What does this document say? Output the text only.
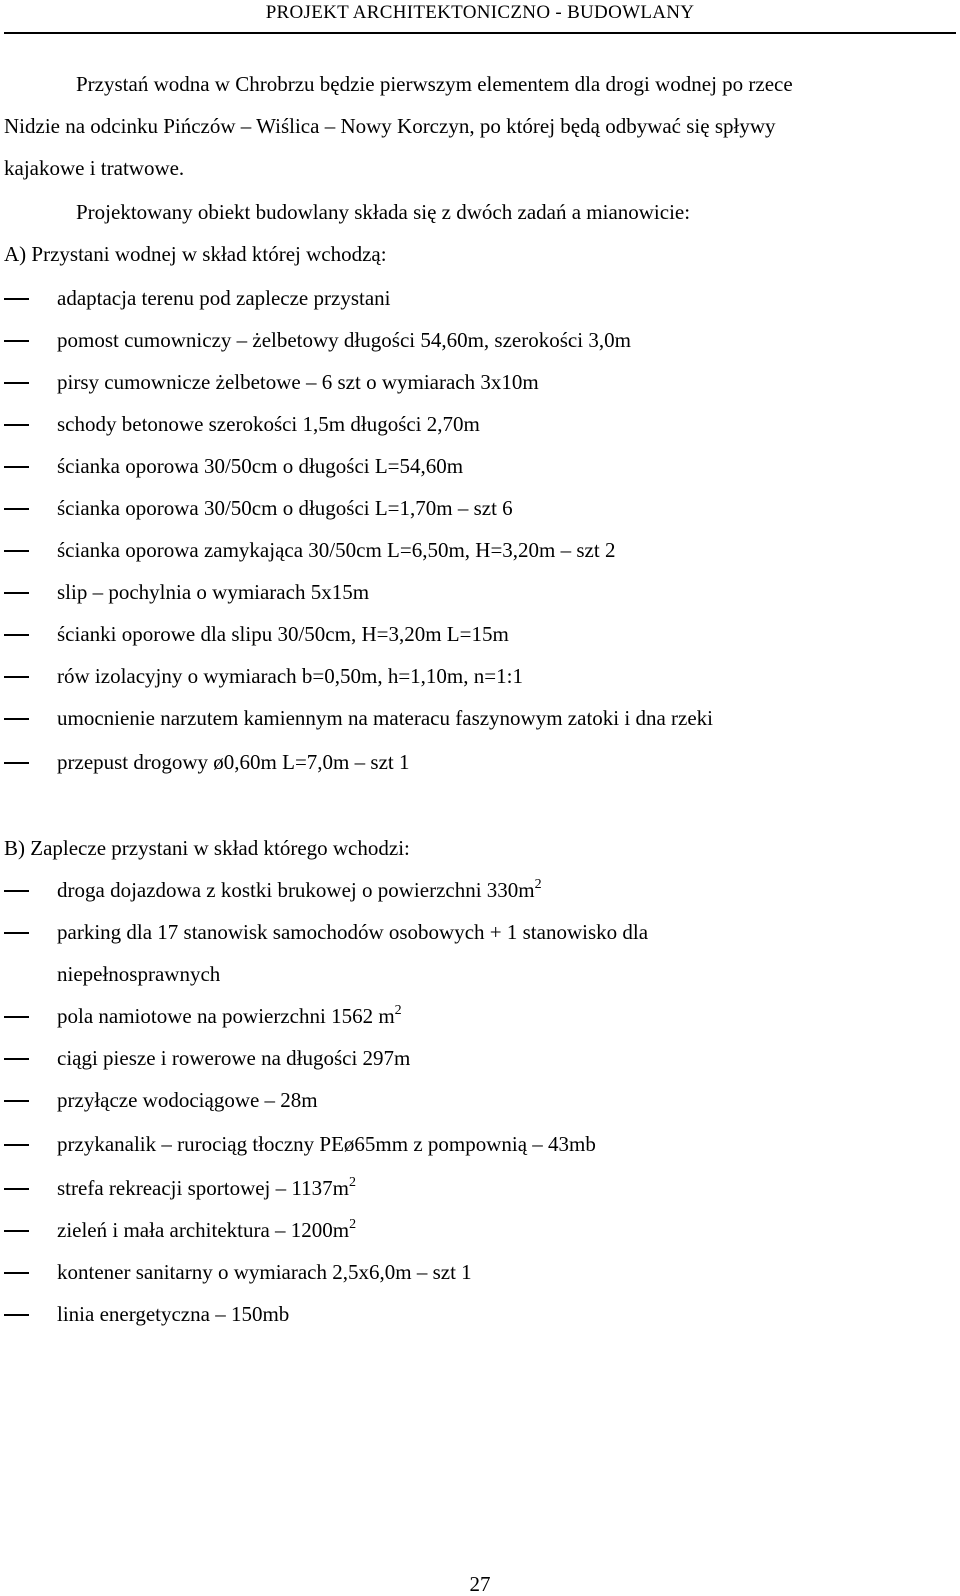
PROJEKT ARCHITEKTONICZNO - BUDOWLANY
Przystań wodna w Chrobrzu będzie pierwszym elementem dla drogi wodnej po rzece
Nidzie na odcinku Pińczów – Wiślica – Nowy Korczyn, po której będą odbywać się spływy
kajakowe i tratwowe.
Projektowany obiekt budowlany składa się z dwóch zadań a mianowicie:
A) Przystani wodnej w skład której wchodzą:
adaptacja terenu pod zaplecze przystani
pomost cumowniczy – żelbetowy długości 54,60m, szerokości 3,0m
pirsy cumownicze żelbetowe – 6 szt o wymiarach 3x10m
schody betonowe szerokości 1,5m długości 2,70m
ścianka oporowa 30/50cm o długości L=54,60m
ścianka oporowa 30/50cm o długości L=1,70m – szt 6
ścianka oporowa zamykająca 30/50cm L=6,50m, H=3,20m – szt 2
slip – pochylnia o wymiarach 5x15m
ścianki oporowe dla slipu 30/50cm, H=3,20m L=15m
rów izolacyjny o wymiarach b=0,50m, h=1,10m, n=1:1
umocnienie narzutem kamiennym na materacu faszynowym zatoki i dna rzeki
przepust drogowy ø0,60m L=7,0m – szt 1
B) Zaplecze przystani w skład którego wchodzi:
droga dojazdowa z kostki brukowej o powierzchni $330m^2$
parking dla 17 stanowisk samochodów osobowych + 1 stanowisko dla
niepełnosprawnych
pola namiotowe na powierzchni 1562 $m^2$
ciągi piesze i rowerowe na długości 297m
przyłącze wodociągowe – 28m
przykanalik – rurociąg tłoczny PEø65mm z pompownią – 43mb
strefa rekreacji sportowej – $1137m^2$
zieleń i mała architektura – $1200m^2$
kontener sanitarny o wymiarach 2,5x6,0m – szt 1
linia energetyczna – 150mb
27
